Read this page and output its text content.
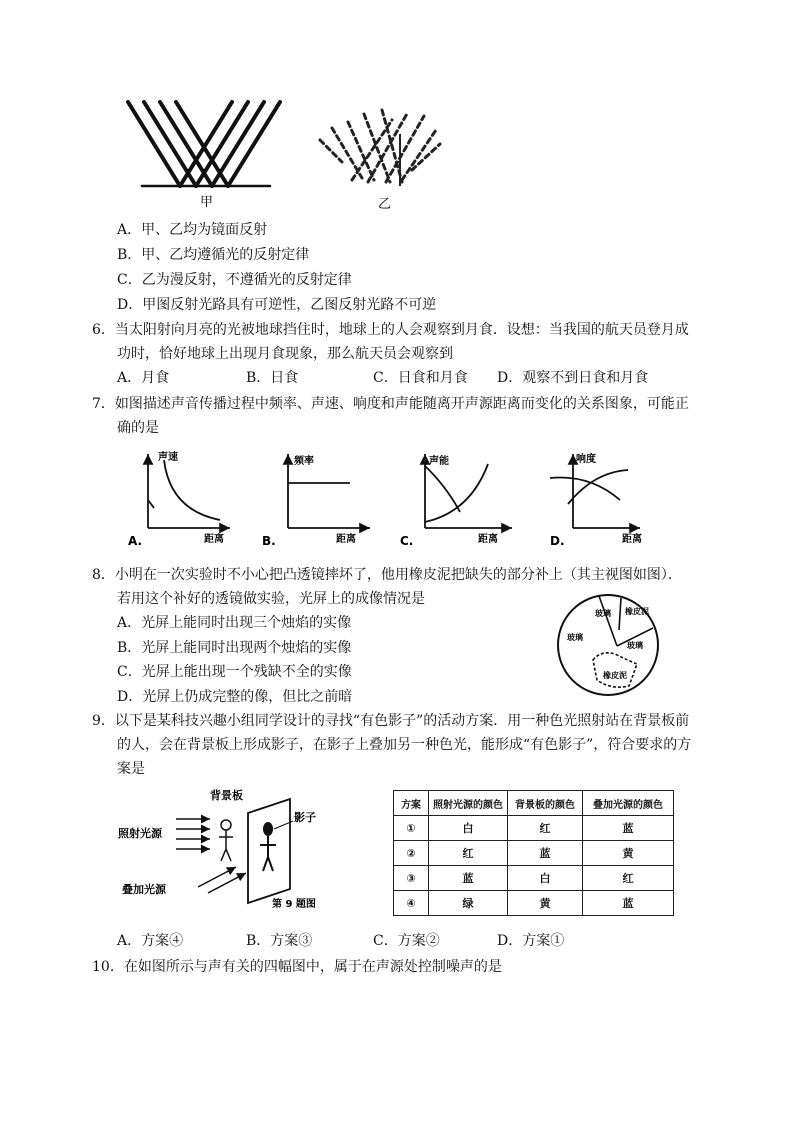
甲	乙
A．甲、乙均为镜面反射
B．甲、乙均遵循光的反射定律
C．乙为漫反射，不遵循光的反射定律
D．甲图反射光路具有可逆性，乙图反射光路不可逆
6．当太阳射向月亮的光被地球挡住时，地球上的人会观察到月食．设想：当我国的航天员登月成
功时，恰好地球上出现月食现象，那么航天员会观察到
A．月食	B．日食	C．日食和月食 D．观察不到日食和月食
7．如图描述声音传播过程中频率、声速、响度和声能随离开声源距离而变化的关系图象，可能正
确的是
声速
距离
A.
频率
距离
B.
声能
距离
C.
响度
距离
D.
8．小明在一次实验时不小心把凸透镜摔坏了，他用橡皮泥把缺失的部分补上（其主视图如图）．
若用这个补好的透镜做实验，光屏上的成像情况是
A．光屏上能同时出现三个烛焰的实像
B．光屏上能同时出现两个烛焰的实像
C．光屏上能出现一个残缺不全的实像
D．光屏上仍成完整的像，但比之前暗
玻璃 橡皮泥
玻璃
玻璃
橡皮泥
9．以下是某科技兴趣小组同学设计的寻找“有色影子”的活动方案．用一种色光照射站在背景板前
的人，会在背景板上形成影子，在影子上叠加另一种色光，能形成“有色影子”，符合要求的方
案是
背景板
影子
照射光源
叠加光源
第 9 题图
方案	照射光源的颜色	背景板的颜色	叠加光源的颜色
①	白	红	蓝
②	红	蓝	黄
③	蓝	白	红
④	绿	黄	蓝
A．方案④	B．方案③	C．方案②	D．方案①
10．在如图所示与声有关的四幅图中，属于在声源处控制噪声的是
